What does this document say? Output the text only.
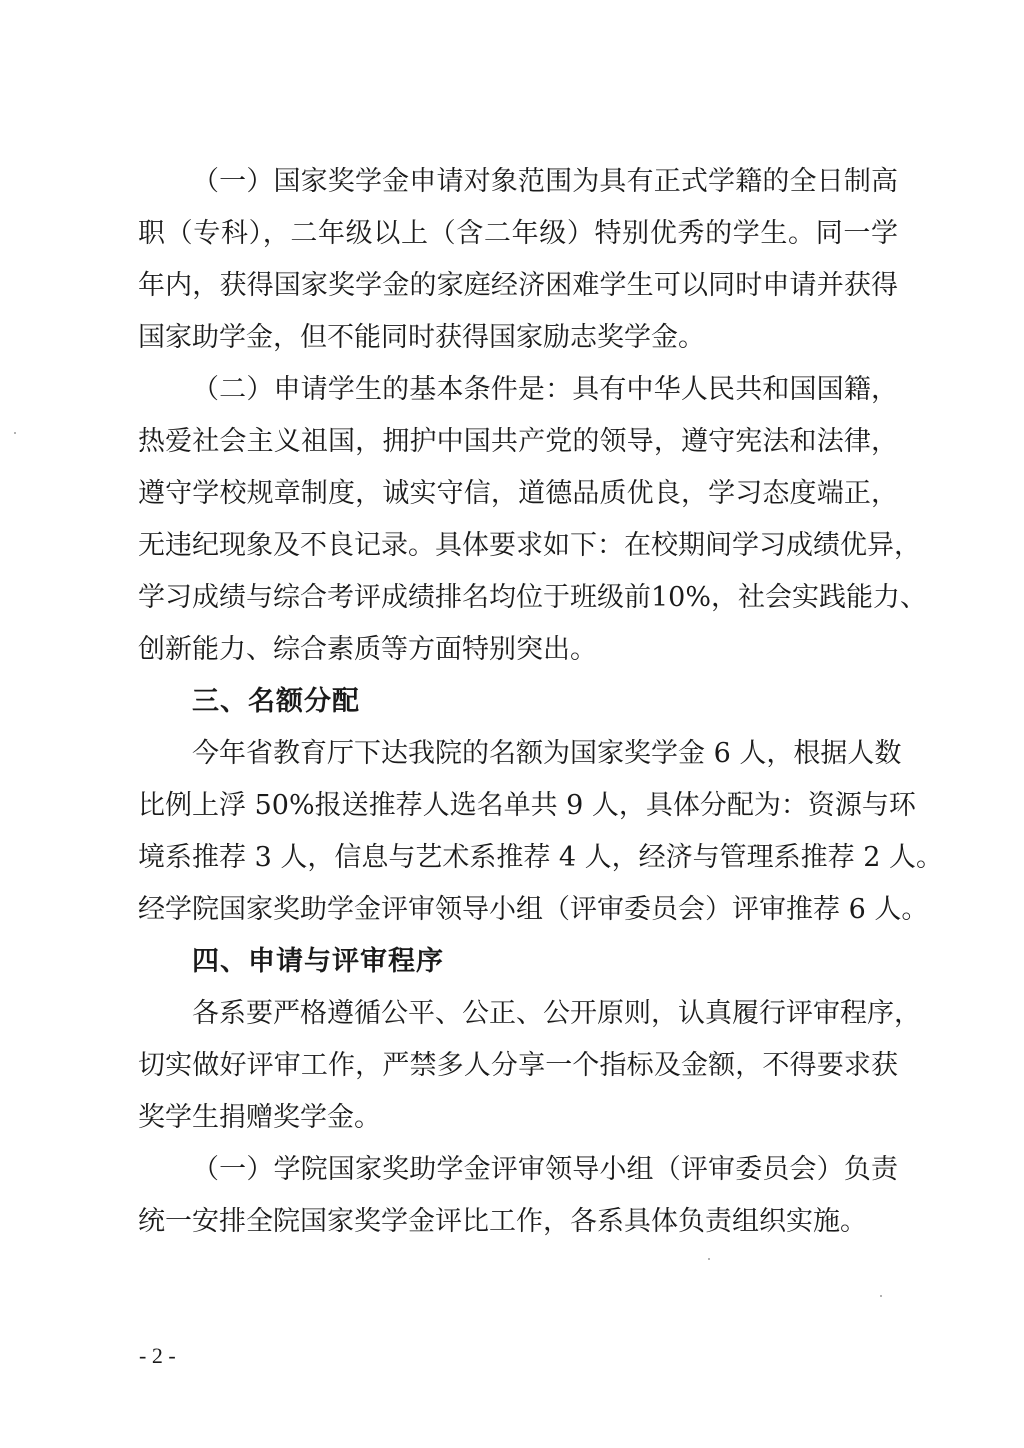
（一）国家奖学金申请对象范围为具有正式学籍的全日制高
职（专科），二年级以上（含二年级）特别优秀的学生。同一学
年内，获得国家奖学金的家庭经济困难学生可以同时申请并获得
国家助学金，但不能同时获得国家励志奖学金。
（二）申请学生的基本条件是：具有中华人民共和国国籍，
热爱社会主义祖国，拥护中国共产党的领导，遵守宪法和法律，
遵守学校规章制度，诚实守信，道德品质优良，学习态度端正，
无违纪现象及不良记录。具体要求如下：在校期间学习成绩优异，
学习成绩与综合考评成绩排名均位于班级前10%，社会实践能力、
创新能力、综合素质等方面特别突出。
三、名额分配
今年省教育厅下达我院的名额为国家奖学金 6 人，根据人数
比例上浮 50%报送推荐人选名单共 9 人，具体分配为：资源与环
境系推荐 3 人，信息与艺术系推荐 4 人，经济与管理系推荐 2 人。
经学院国家奖助学金评审领导小组（评审委员会）评审推荐 6 人。
四、申请与评审程序
各系要严格遵循公平、公正、公开原则，认真履行评审程序，
切实做好评审工作，严禁多人分享一个指标及金额，不得要求获
奖学生捐赠奖学金。
（一）学院国家奖助学金评审领导小组（评审委员会）负责
统一安排全院国家奖学金评比工作，各系具体负责组织实施。
- 2 -
